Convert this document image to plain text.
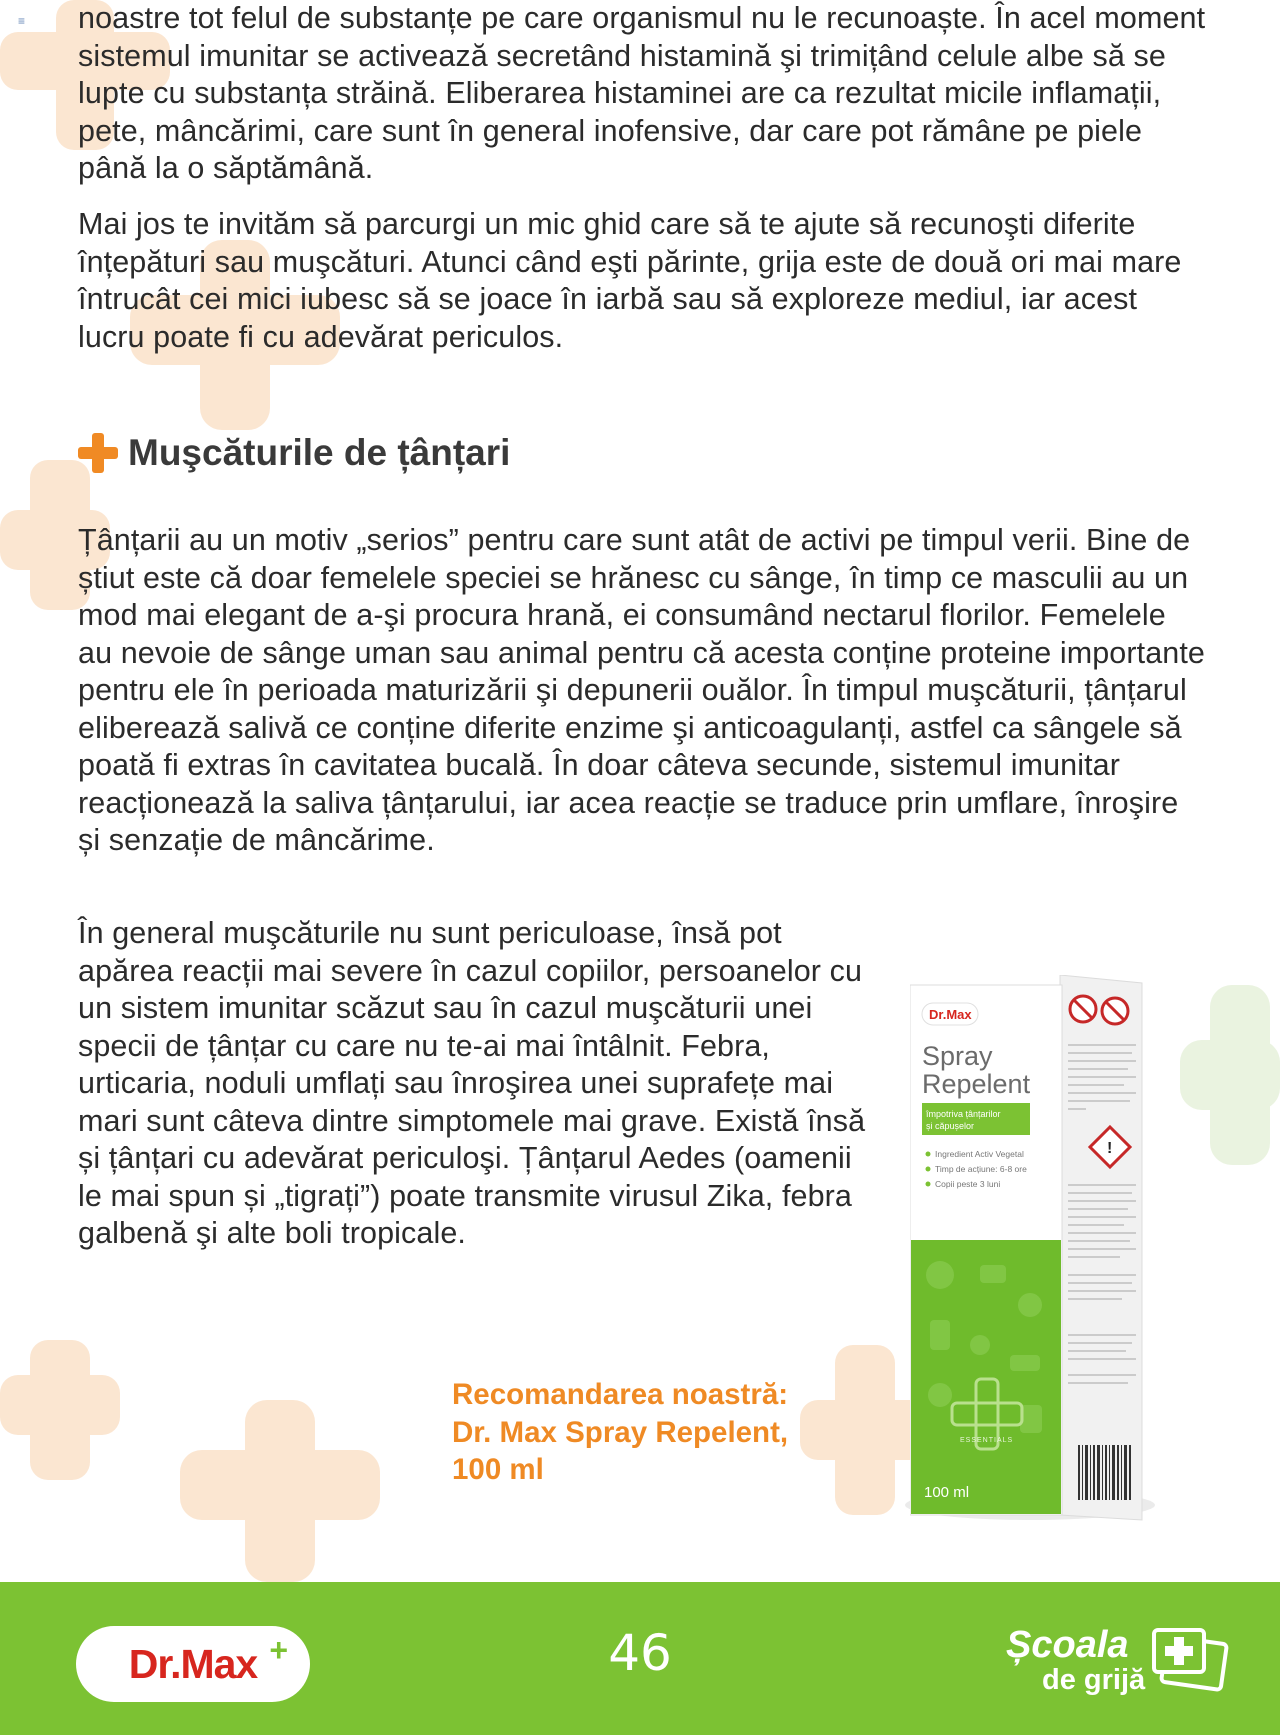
≡ noastre tot felul de substanțe pe care organismul nu le recunoaște. În acel moment sistemul imunitar se activează secretând histamină şi trimițând celule albe să se lupte cu substanța străină. Eliberarea histaminei are ca rezultat micile inflamații, pete, mâncărimi, care sunt în general inofensive, dar care pot rămâne pe piele până la o săptămână.
Mai jos te invităm să parcurgi un mic ghid care să te ajute să recunoşti diferite înțepături sau muşcături. Atunci când eşti părinte, grija este de două ori mai mare întrucât cei mici iubesc să se joace în iarbă sau să exploreze mediul, iar acest lucru poate fi cu adevărat periculos.
Muşcăturile de țânțari
Țânțarii au un motiv „serios” pentru care sunt atât de activi pe timpul verii. Bine de știut este că doar femelele speciei se hrănesc cu sânge, în timp ce masculii au un mod mai elegant de a-şi procura hrană, ei consumând nectarul florilor. Femelele au nevoie de sânge uman sau animal pentru că acesta conține proteine importante pentru ele în perioada maturizării şi depunerii ouălor. În timpul muşcăturii, țânțarul eliberează salivă ce conține diferite enzime şi anticoagulanți, astfel ca sângele să poată fi extras în cavitatea bucală. În doar câteva secunde, sistemul imunitar reacționează la saliva țânțarului, iar acea reacție se traduce prin umflare, înroşire și senzație de mâncărime.
În general muşcăturile nu sunt periculoase, însă pot apărea reacții mai severe în cazul copiilor, persoanelor cu un sistem imunitar scăzut sau în cazul muşcăturii unei specii de țânțar cu care nu te-ai mai întâlnit. Febra, urticaria, noduli umflați sau înroşirea unei suprafețe mai mari sunt câteva dintre simptomele mai grave. Există însă și țânțari cu adevărat periculoşi. Țânțarul Aedes (oamenii le mai spun și „tigrați”) poate transmite virusul Zika, febra galbenă şi alte boli tropicale.
Recomandarea noastră:
Dr. Max Spray Repelent,
100 ml
Dr.Max
Spray
Repelent
împotriva țânțarilor
și căpușelor
Ingredient Activ Vegetal
Timp de acțiune: 6-8 ore
Copii peste 3 luni
ESSENTIALS
100 ml
!
Dr.Max +	46	Școala
de grijă
